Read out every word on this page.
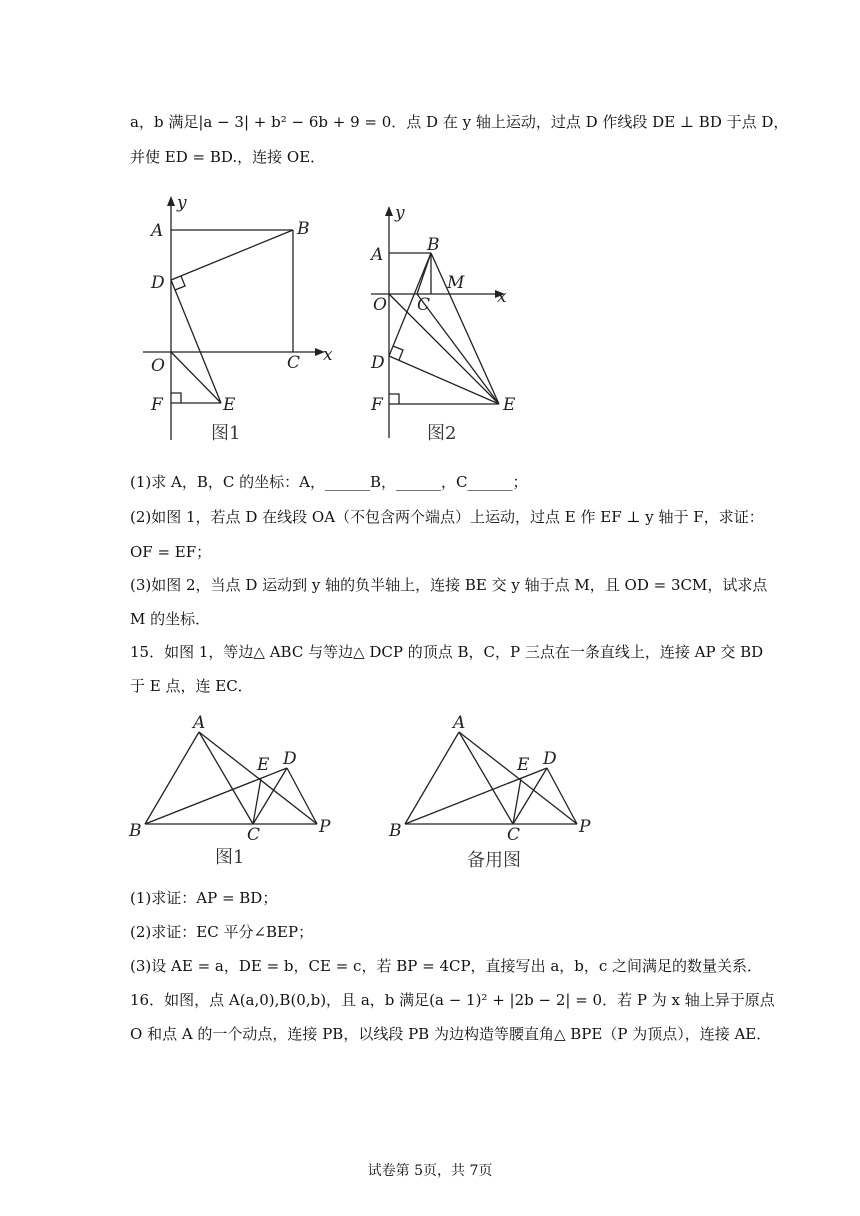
a，b 满足|a − 3| + b² − 6b + 9 = 0．点 D 在 y 轴上运动，过点 D 作线段 DE ⊥ BD 于点 D，
并使 ED = BD.，连接 OE．
y
A	B
D
O	C x
F	E
图1
y
A	B
M
O C	x
D
F	E
图2
(1)求 A，B，C 的坐标：A，______B，______，C______；
(2)如图 1，若点 D 在线段 OA（不包含两个端点）上运动，过点 E 作 EF ⊥ y 轴于 F，求证：
OF = EF；
(3)如图 2，当点 D 运动到 y 轴的负半轴上，连接 BE 交 y 轴于点 M，且 OD = 3CM，试求点
M 的坐标．
15．如图 1，等边△ ABC 与等边△ DCP 的顶点 B，C，P 三点在一条直线上，连接 AP 交 BD
于 E 点，连 EC．
A
E D
B	C	P
图1
A
E D
B	C	P
备用图
(1)求证：AP = BD；
(2)求证：EC 平分∠BEP；
(3)设 AE = a，DE = b，CE = c，若 BP = 4CP，直接写出 a，b，c 之间满足的数量关系．
16．如图，点 A(a,0),B(0,b)，且 a，b 满足(a − 1)² + |2b − 2| = 0．若 P 为 x 轴上异于原点
O 和点 A 的一个动点，连接 PB，以线段 PB 为边构造等腰直角△ BPE（P 为顶点），连接 AE．
试卷第 5页，共 7页
